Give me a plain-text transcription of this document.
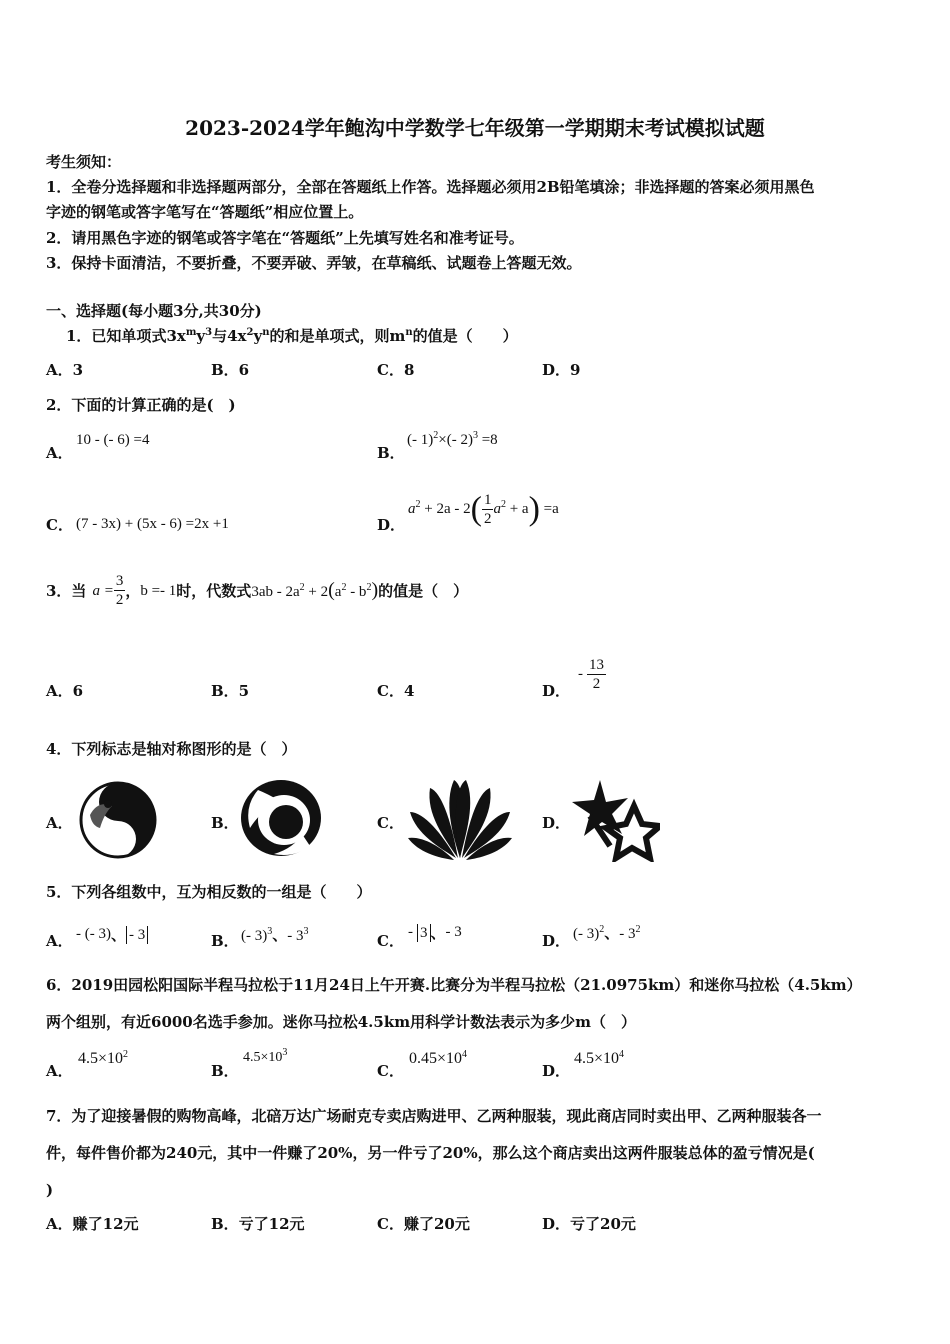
2023-2024学年鲍沟中学数学七年级第一学期期末考试模拟试题
考生须知：
1．全卷分选择题和非选择题两部分，全部在答题纸上作答。选择题必须用2B铅笔填涂；非选择题的答案必须用黑色
字迹的钢笔或答字笔写在“答题纸”相应位置上。
2．请用黑色字迹的钢笔或答字笔在“答题纸”上先填写姓名和准考证号。
3．保持卡面清洁，不要折叠，不要弄破、弄皱，在草稿纸、试题卷上答题无效。
一、选择题(每小题3分,共30分)
1．已知单项式$3x^my^3$与$4x^2y^n$的和是单项式，则$m^n$的值是（　　）
A．3	B．6	C．8	D．9
2．下面的计算正确的是(　)
A．
10 - (- 6) =4
B．
(- 1)$^2$×(- 2)$^3$ =8
C． (7 - 3x) + (5x - 6) =2x +1	D．
$a^2 + 2a - 2( \frac{1}{2} a^2 + a) =a$
3．当 $a = \frac{3}{2}$ ， b =- 1 时，代数式 $3ab - 2a^2 + 2(a^2 - b^2)$ 的值是（　）
A．6	B．5	C．4	D．
- $\frac{13}{2}$
4．下列标志是轴对称图形的是（　）
A．	B．	C．	D．
5．下列各组数中，互为相反数的一组是（　　）
A． - (- 3) 、 - 3	B． (- 3)$^3$、- $3^3$
C． - 3 、 - 3	D． (- 3)$^2$、- $3^2$
6．2019田园松阳国际半程马拉松于11月24日上午开赛.比赛分为半程马拉松（21.0975km）和迷你马拉松（4.5km）
两个组别，有近6000名选手参加。迷你马拉松4.5km用科学计数法表示为多少m（　）
A．
$4.5\times 10^2$
B．
$4.5\times 10^3$
C．
$0.45\times 10^4$
D．
$4.5\times 10^4$
7．为了迎接暑假的购物高峰，北碚万达广场耐克专卖店购进甲、乙两种服装，现此商店同时卖出甲、乙两种服装各一
件，每件售价都为240元，其中一件赚了20%，另一件亏了20%，那么这个商店卖出这两件服装总体的盈亏情况是(
)
A．赚了12元	B．亏了12元	C．赚了20元	D．亏了20元
